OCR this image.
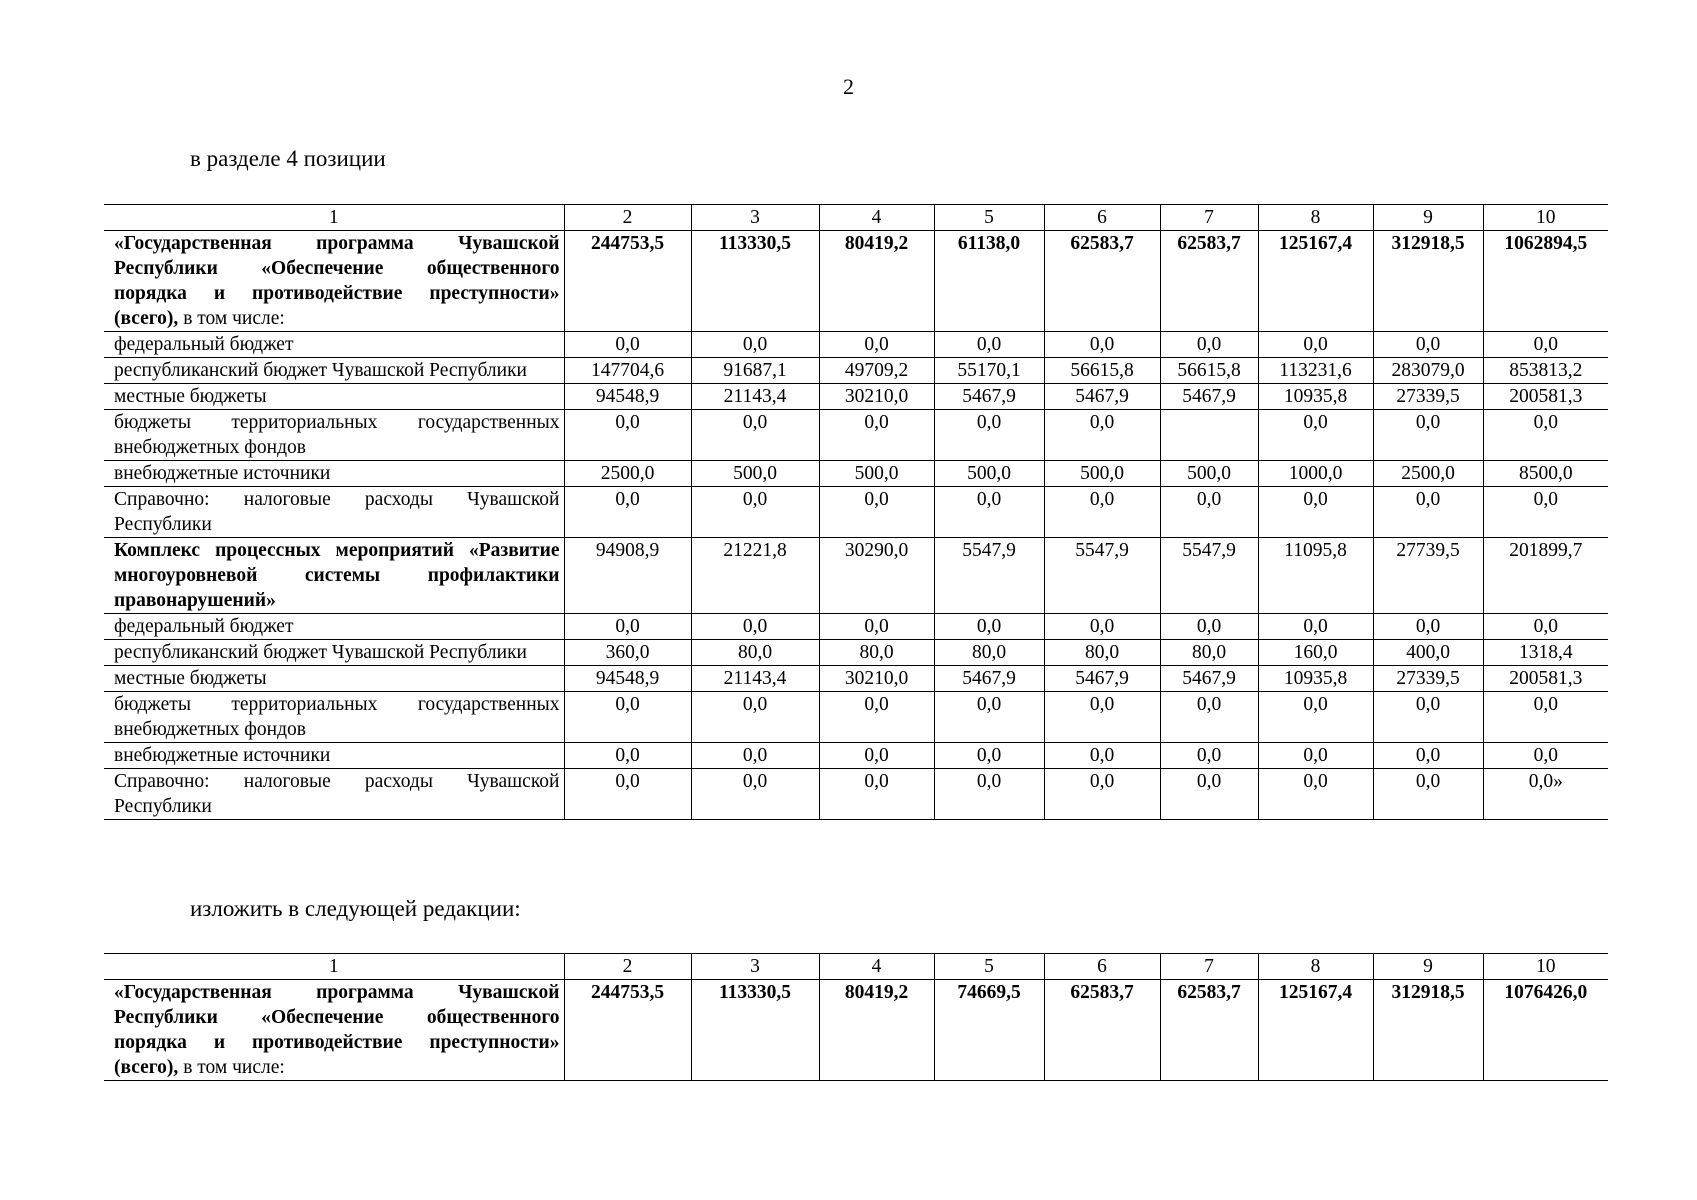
2
в разделе 4 позиции
1	2	3	4	5	6	7	8	9	10
«Государственная программа Чувашской Республики «Обеспечение общественного порядка и противодействие преступности» (всего), в том числе:	244753,5	113330,5	80419,2	61138,0	62583,7	62583,7	125167,4	312918,5	1062894,5
федеральный бюджет	0,0	0,0	0,0	0,0	0,0	0,0	0,0	0,0	0,0
республиканский бюджет Чувашской Республики	147704,6	91687,1	49709,2	55170,1	56615,8	56615,8	113231,6	283079,0	853813,2
местные бюджеты	94548,9	21143,4	30210,0	5467,9	5467,9	5467,9	10935,8	27339,5	200581,3
бюджеты территориальных государственных внебюджетных фондов	0,0	0,0	0,0	0,0	0,0		0,0	0,0	0,0
внебюджетные источники	2500,0	500,0	500,0	500,0	500,0	500,0	1000,0	2500,0	8500,0
Справочно: налоговые расходы Чувашской Республики	0,0	0,0	0,0	0,0	0,0	0,0	0,0	0,0	0,0
Комплекс процессных мероприятий «Развитие многоуровневой системы профилактики правонарушений»	94908,9	21221,8	30290,0	5547,9	5547,9	5547,9	11095,8	27739,5	201899,7
федеральный бюджет	0,0	0,0	0,0	0,0	0,0	0,0	0,0	0,0	0,0
республиканский бюджет Чувашской Республики	360,0	80,0	80,0	80,0	80,0	80,0	160,0	400,0	1318,4
местные бюджеты	94548,9	21143,4	30210,0	5467,9	5467,9	5467,9	10935,8	27339,5	200581,3
бюджеты территориальных государственных внебюджетных фондов	0,0	0,0	0,0	0,0	0,0	0,0	0,0	0,0	0,0
внебюджетные источники	0,0	0,0	0,0	0,0	0,0	0,0	0,0	0,0	0,0
Справочно: налоговые расходы Чувашской Республики	0,0	0,0	0,0	0,0	0,0	0,0	0,0	0,0	0,0»
изложить в следующей редакции:
1	2	3	4	5	6	7	8	9	10
«Государственная программа Чувашской Республики «Обеспечение общественного порядка и противодействие преступности» (всего), в том числе:	244753,5	113330,5	80419,2	74669,5	62583,7	62583,7	125167,4	312918,5	1076426,0
